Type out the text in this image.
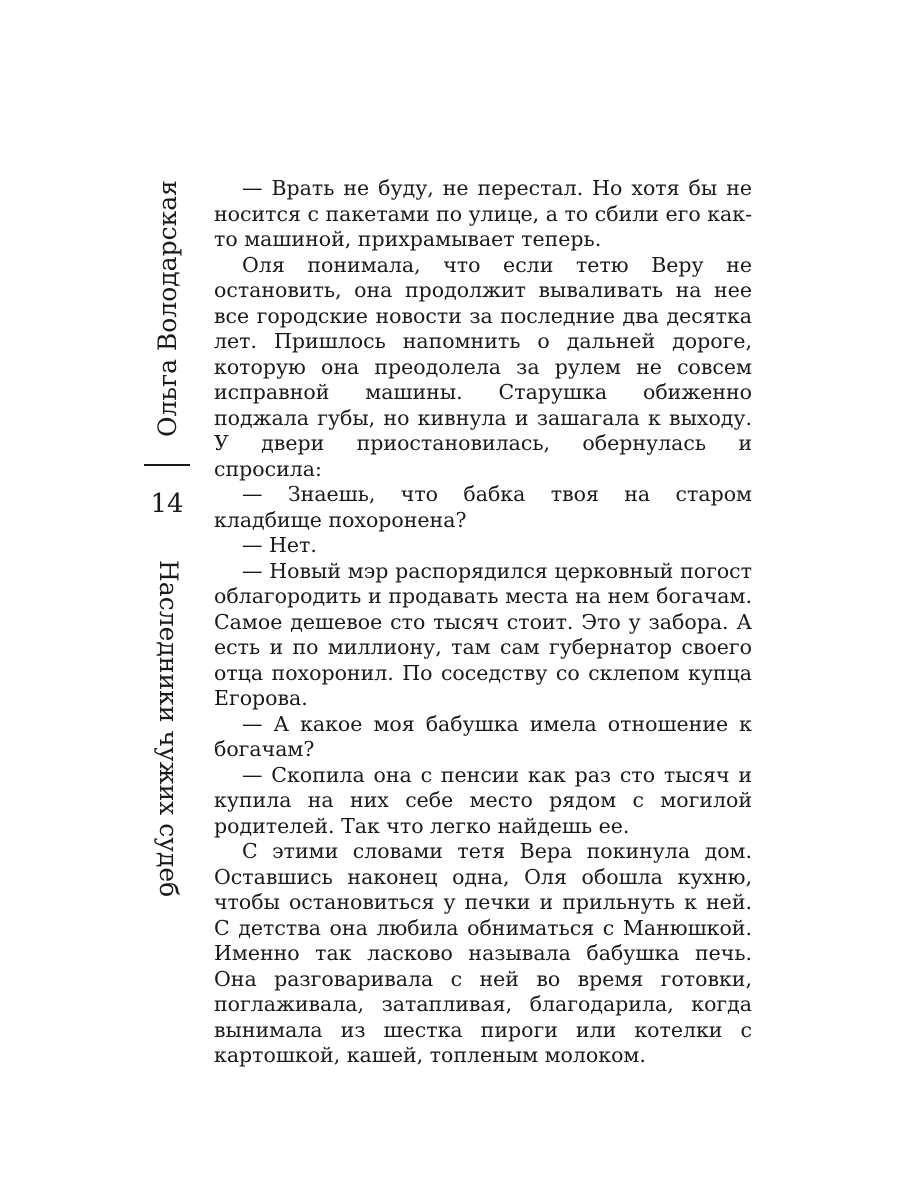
Ольга Володарская
14
Наследники чужих судеб

— Врать не буду, не перестал. Но хотя бы не носится с пакетами по улице, а то сбили его как-то машиной, прихрамывает теперь.

Оля понимала, что если тетю Веру не остановить, она продолжит вываливать на нее все городские новости за последние два десятка лет. Пришлось напомнить о дальней дороге, которую она преодолела за рулем не совсем исправной машины. Старушка обиженно поджала губы, но кивнула и зашагала к выходу. У двери приостановилась, обернулась и спросила:

— Знаешь, что бабка твоя на старом кладбище похоронена?

— Нет.

— Новый мэр распорядился церковный погост облагородить и продавать места на нем богачам. Самое дешевое сто тысяч стоит. Это у забора. А есть и по миллиону, там сам губернатор своего отца похоронил. По соседству со склепом купца Егорова.

— А какое моя бабушка имела отношение к богачам?

— Скопила она с пенсии как раз сто тысяч и купила на них себе место рядом с могилой родителей. Так что легко найдешь ее.

С этими словами тетя Вера покинула дом. Оставшись наконец одна, Оля обошла кухню, чтобы остановиться у печки и прильнуть к ней. С детства она любила обниматься с Манюшкой. Именно так ласково называла бабушка печь. Она разговаривала с ней во время готовки, поглаживала, затапливая, благодарила, когда вынимала из шестка пироги или котелки с картошкой, кашей, топленым молоком.
